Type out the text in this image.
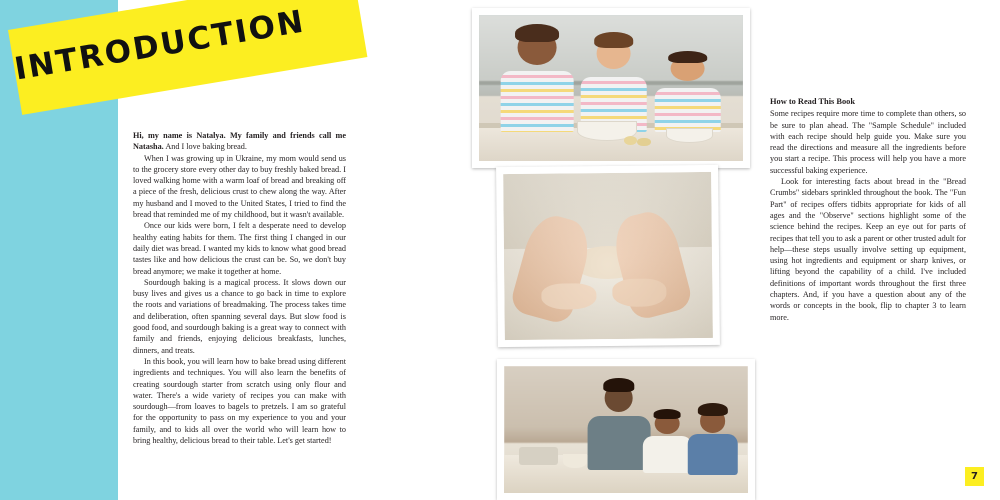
INTRODUCTION

Hi, my name is Natalya. My family and friends call me Natasha. And I love baking bread.

When I was growing up in Ukraine, my mom would send us to the grocery store every other day to buy freshly baked bread. I loved walking home with a warm loaf of bread and breaking off a piece of the fresh, delicious crust to chew along the way. After my husband and I moved to the United States, I tried to find the bread that reminded me of my childhood, but it wasn't available.

Once our kids were born, I felt a desperate need to develop healthy eating habits for them. The first thing I changed in our daily diet was bread. I wanted my kids to know what good bread tastes like and how delicious the crust can be. So, we don't buy bread anymore; we make it together at home.

Sourdough baking is a magical process. It slows down our busy lives and gives us a chance to go back in time to explore the roots and variations of breadmaking. The process takes time and deliberation, often spanning several days. But slow food is good food, and sourdough baking is a great way to connect with family and friends, enjoying delicious breakfasts, lunches, dinners, and treats.

In this book, you will learn how to bake bread using different ingredients and techniques. You will also learn the benefits of creating sourdough starter from scratch using only flour and water. There's a wide variety of recipes you can make with sourdough—from loaves to bagels to pretzels. I am so grateful for the opportunity to pass on my experience to you and your family, and to kids all over the world who will learn how to bring healthy, delicious bread to their table. Let's get started!

How to Read This Book

Some recipes require more time to complete than others, so be sure to plan ahead. The "Sample Schedule" included with each recipe should help guide you. Make sure you read the directions and measure all the ingredients before you start a recipe. This process will help you have a more successful baking experience.

Look for interesting facts about bread in the "Bread Crumbs" sidebars sprinkled throughout the book. The "Fun Part" of recipes offers tidbits appropriate for kids of all ages and the "Observe" sections highlight some of the science behind the recipes. Keep an eye out for parts of recipes that tell you to ask a parent or other trusted adult for help—these steps usually involve setting up equipment, using hot ingredients and equipment or sharp knives, or lifting beyond the capability of a child. I've included definitions of important words throughout the first three chapters. And, if you have a question about any of the words or concepts in the book, flip to chapter 3 to learn more.

7
